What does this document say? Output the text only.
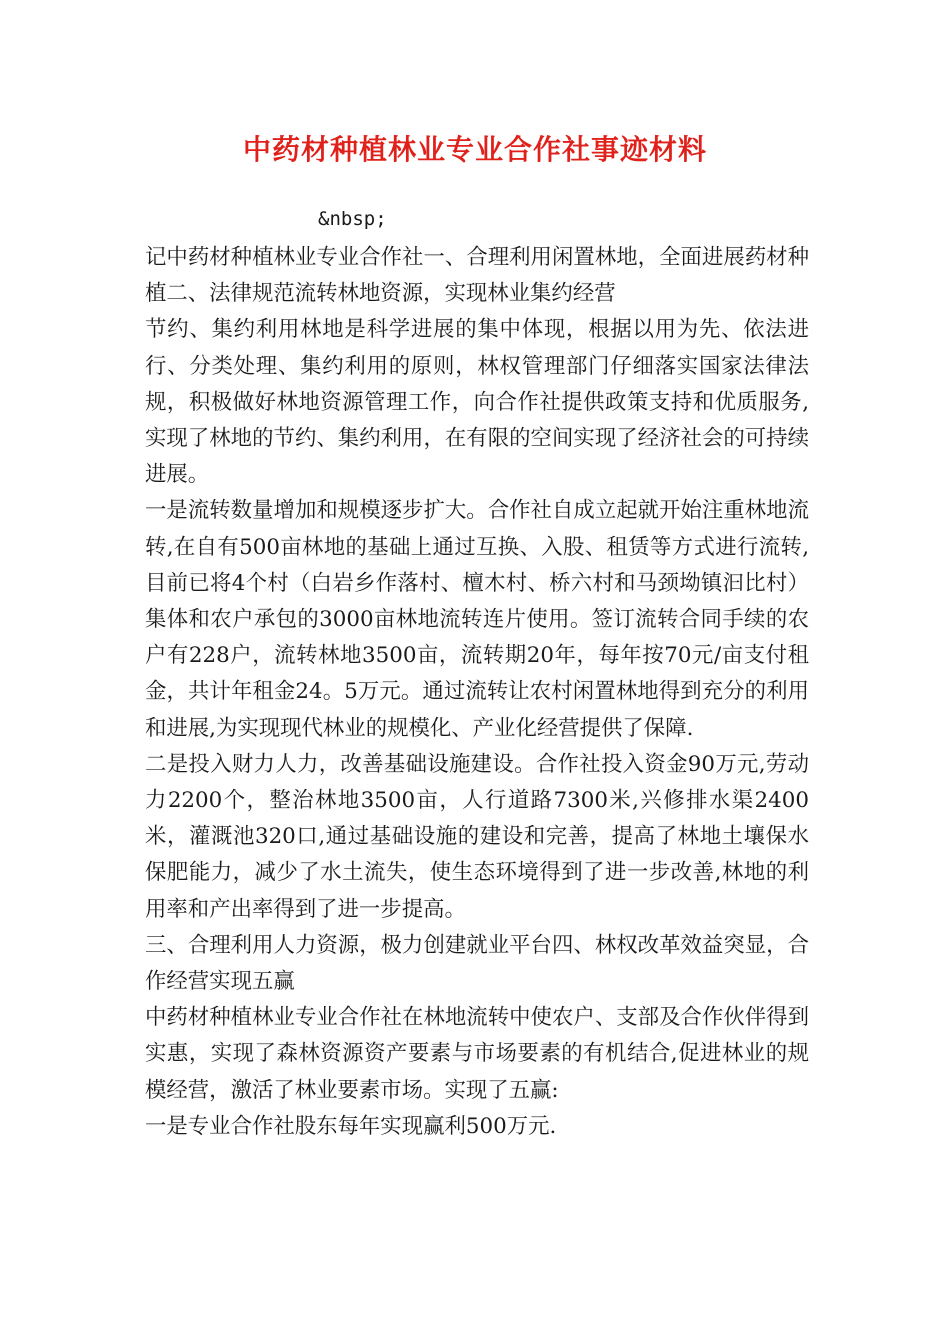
中药材种植林业专业合作社事迹材料
&nbsp;

记中药材种植林业专业合作社一、合理利用闲置林地，全面进展药材种植二、法律规范流转林地资源，实现林业集约经营

节约、集约利用林地是科学进展的集中体现，根据以用为先、依法进行、分类处理、集约利用的原则，林权管理部门仔细落实国家法律法规，积极做好林地资源管理工作，向合作社提供政策支持和优质服务,实现了林地的节约、集约利用，在有限的空间实现了经济社会的可持续进展。

一是流转数量增加和规模逐步扩大。合作社自成立起就开始注重林地流转,在自有500亩林地的基础上通过互换、入股、租赁等方式进行流转,目前已将4个村（白岩乡作落村、檀木村、桥六村和马颈坳镇汩比村）集体和农户承包的3000亩林地流转连片使用。签订流转合同手续的农户有228户，流转林地3500亩，流转期20年，每年按70元/亩支付租金，共计年租金24。5万元。通过流转让农村闲置林地得到充分的利用和进展,为实现现代林业的规模化、产业化经营提供了保障.

二是投入财力人力，改善基础设施建设。合作社投入资金90万元,劳动力2200个，整治林地3500亩，人行道路7300米,兴修排水渠2400米，灌溉池320口,通过基础设施的建设和完善，提高了林地土壤保水保肥能力，减少了水土流失，使生态环境得到了进一步改善,林地的利用率和产出率得到了进一步提高。

三、合理利用人力资源，极力创建就业平台四、林权改革效益突显，合作经营实现五赢

中药材种植林业专业合作社在林地流转中使农户、支部及合作伙伴得到实惠，实现了森林资源资产要素与市场要素的有机结合,促进林业的规模经营，激活了林业要素市场。实现了五赢:

一是专业合作社股东每年实现赢利500万元.
